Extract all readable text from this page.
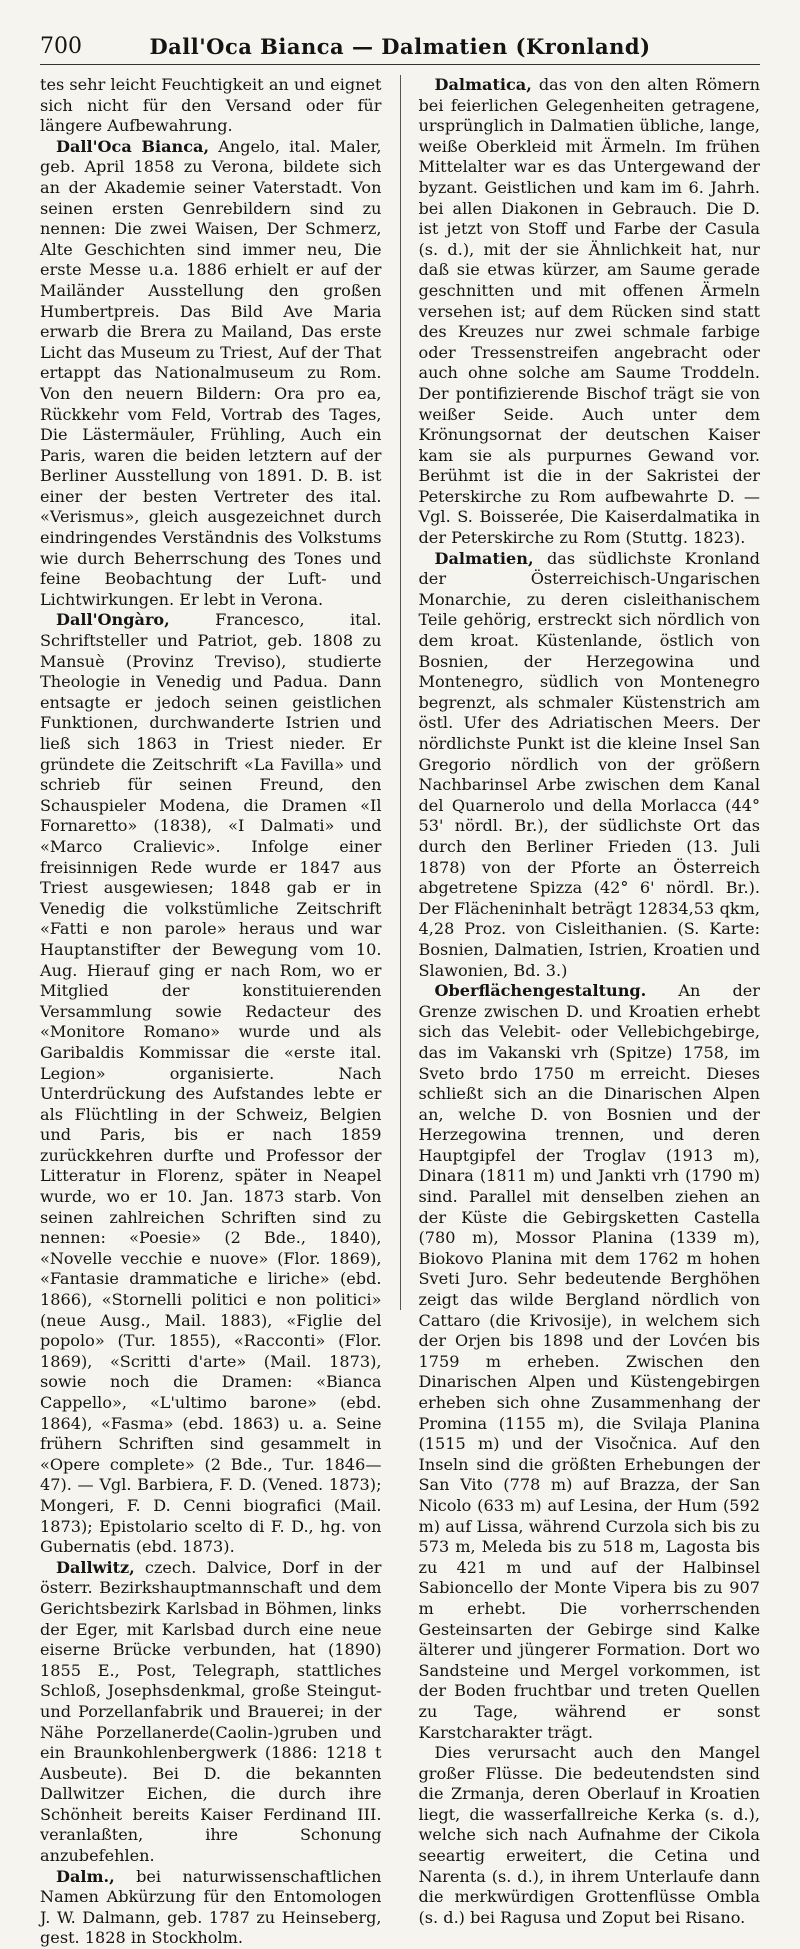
700	Dall'Oca Bianca — Dalmatien (Kronland)

tes sehr leicht Feuchtigkeit an und eignet sich nicht für den Versand oder für längere Aufbewahrung.

Dall'Oca Bianca, Angelo, ital. Maler, geb. April 1858 zu Verona, bildete sich an der Akademie seiner Vaterstadt. Von seinen ersten Genrebildern sind zu nennen: Die zwei Waisen, Der Schmerz, Alte Geschichten sind immer neu, Die erste Messe u.a. 1886 erhielt er auf der Mailänder Ausstellung den großen Humbertpreis. Das Bild Ave Maria erwarb die Brera zu Mailand, Das erste Licht das Museum zu Triest, Auf der That ertappt das Nationalmuseum zu Rom. Von den neuern Bildern: Ora pro ea, Rückkehr vom Feld, Vortrab des Tages, Die Lästermäuler, Frühling, Auch ein Paris, waren die beiden letztern auf der Berliner Ausstellung von 1891. D. B. ist einer der besten Vertreter des ital. «Verismus», gleich ausgezeichnet durch eindringendes Verständnis des Volkstums wie durch Beherrschung des Tones und feine Beobachtung der Luft- und Lichtwirkungen. Er lebt in Verona.

Dall'Ongàro, Francesco, ital. Schriftsteller und Patriot, geb. 1808 zu Mansuè (Provinz Treviso), studierte Theologie in Venedig und Padua. Dann entsagte er jedoch seinen geistlichen Funktionen, durchwanderte Istrien und ließ sich 1863 in Triest nieder. Er gründete die Zeitschrift «La Favilla» und schrieb für seinen Freund, den Schauspieler Modena, die Dramen «Il Fornaretto» (1838), «I Dalmati» und «Marco Cralievic». Infolge einer freisinnigen Rede wurde er 1847 aus Triest ausgewiesen; 1848 gab er in Venedig die volkstümliche Zeitschrift «Fatti e non parole» heraus und war Hauptanstifter der Bewegung vom 10. Aug. Hierauf ging er nach Rom, wo er Mitglied der konstituierenden Versammlung sowie Redacteur des «Monitore Romano» wurde und als Garibaldis Kommissar die «erste ital. Legion» organisierte. Nach Unterdrückung des Aufstandes lebte er als Flüchtling in der Schweiz, Belgien und Paris, bis er nach 1859 zurückkehren durfte und Professor der Litteratur in Florenz, später in Neapel wurde, wo er 10. Jan. 1873 starb. Von seinen zahlreichen Schriften sind zu nennen: «Poesie» (2 Bde., 1840), «Novelle vecchie e nuove» (Flor. 1869), «Fantasie drammatiche e liriche» (ebd. 1866), «Stornelli politici e non politici» (neue Ausg., Mail. 1883), «Figlie del popolo» (Tur. 1855), «Racconti» (Flor. 1869), «Scritti d'arte» (Mail. 1873), sowie noch die Dramen: «Bianca Cappello», «L'ultimo barone» (ebd. 1864), «Fasma» (ebd. 1863) u. a. Seine frühern Schriften sind gesammelt in «Opere complete» (2 Bde., Tur. 1846—47). — Vgl. Barbiera, F. D. (Vened. 1873); Mongeri, F. D. Cenni biografici (Mail. 1873); Epistolario scelto di F. D., hg. von Gubernatis (ebd. 1873).

Dallwitz, czech. Dalvice, Dorf in der österr. Bezirkshauptmannschaft und dem Gerichtsbezirk Karlsbad in Böhmen, links der Eger, mit Karlsbad durch eine neue eiserne Brücke verbunden, hat (1890) 1855 E., Post, Telegraph, stattliches Schloß, Josephsdenkmal, große Steingut- und Porzellanfabrik und Brauerei; in der Nähe Porzellanerde(Caolin-)gruben und ein Braunkohlenbergwerk (1886: 1218 t Ausbeute). Bei D. die bekannten Dallwitzer Eichen, die durch ihre Schönheit bereits Kaiser Ferdinand III. veranlaßten, ihre Schonung anzubefehlen.

Dalm., bei naturwissenschaftlichen Namen Abkürzung für den Entomologen J. W. Dalmann, geb. 1787 zu Heinseberg, gest. 1828 in Stockholm.

Dalmatica, das von den alten Römern bei feierlichen Gelegenheiten getragene, ursprünglich in Dalmatien übliche, lange, weiße Oberkleid mit Ärmeln. Im frühen Mittelalter war es das Untergewand der byzant. Geistlichen und kam im 6. Jahrh. bei allen Diakonen in Gebrauch. Die D. ist jetzt von Stoff und Farbe der Casula (s. d.), mit der sie Ähnlichkeit hat, nur daß sie etwas kürzer, am Saume gerade geschnitten und mit offenen Ärmeln versehen ist; auf dem Rücken sind statt des Kreuzes nur zwei schmale farbige oder Tressenstreifen angebracht oder auch ohne solche am Saume Troddeln. Der pontifizierende Bischof trägt sie von weißer Seide. Auch unter dem Krönungsornat der deutschen Kaiser kam sie als purpurnes Gewand vor. Berühmt ist die in der Sakristei der Peterskirche zu Rom aufbewahrte D. — Vgl. S. Boisserée, Die Kaiserdalmatika in der Peterskirche zu Rom (Stuttg. 1823).

Dalmatien, das südlichste Kronland der Österreichisch-Ungarischen Monarchie, zu deren cisleithanischem Teile gehörig, erstreckt sich nördlich von dem kroat. Küstenlande, östlich von Bosnien, der Herzegowina und Montenegro, südlich von Montenegro begrenzt, als schmaler Küstenstrich am östl. Ufer des Adriatischen Meers. Der nördlichste Punkt ist die kleine Insel San Gregorio nördlich von der größern Nachbarinsel Arbe zwischen dem Kanal del Quarnerolo und della Morlacca (44° 53' nördl. Br.), der südlichste Ort das durch den Berliner Frieden (13. Juli 1878) von der Pforte an Österreich abgetretene Spizza (42° 6' nördl. Br.). Der Flächeninhalt beträgt 12834,53 qkm, 4,28 Proz. von Cisleithanien. (S. Karte: Bosnien, Dalmatien, Istrien, Kroatien und Slawonien, Bd. 3.)

Oberflächengestaltung. An der Grenze zwischen D. und Kroatien erhebt sich das Velebit- oder Vellebichgebirge, das im Vakanski vrh (Spitze) 1758, im Sveto brdo 1750 m erreicht. Dieses schließt sich an die Dinarischen Alpen an, welche D. von Bosnien und der Herzegowina trennen, und deren Hauptgipfel der Troglav (1913 m), Dinara (1811 m) und Jankti vrh (1790 m) sind. Parallel mit denselben ziehen an der Küste die Gebirgsketten Castella (780 m), Mossor Planina (1339 m), Biokovo Planina mit dem 1762 m hohen Sveti Juro. Sehr bedeutende Berghöhen zeigt das wilde Bergland nördlich von Cattaro (die Krivosije), in welchem sich der Orjen bis 1898 und der Lovćen bis 1759 m erheben. Zwischen den Dinarischen Alpen und Küstengebirgen erheben sich ohne Zusammenhang der Promina (1155 m), die Svilaja Planina (1515 m) und der Visočnica. Auf den Inseln sind die größten Erhebungen der San Vito (778 m) auf Brazza, der San Nicolo (633 m) auf Lesina, der Hum (592 m) auf Lissa, während Curzola sich bis zu 573 m, Meleda bis zu 518 m, Lagosta bis zu 421 m und auf der Halbinsel Sabioncello der Monte Vipera bis zu 907 m erhebt. Die vorherrschenden Gesteinsarten der Gebirge sind Kalke älterer und jüngerer Formation. Dort wo Sandsteine und Mergel vorkommen, ist der Boden fruchtbar und treten Quellen zu Tage, während er sonst Karstcharakter trägt.

Dies verursacht auch den Mangel großer Flüsse. Die bedeutendsten sind die Zrmanja, deren Oberlauf in Kroatien liegt, die wasserfallreiche Kerka (s. d.), welche sich nach Aufnahme der Cikola seeartig erweitert, die Cetina und Narenta (s. d.), in ihrem Unterlaufe dann die merkwürdigen Grottenflüsse Ombla (s. d.) bei Ragusa und Zoput bei Risano.
